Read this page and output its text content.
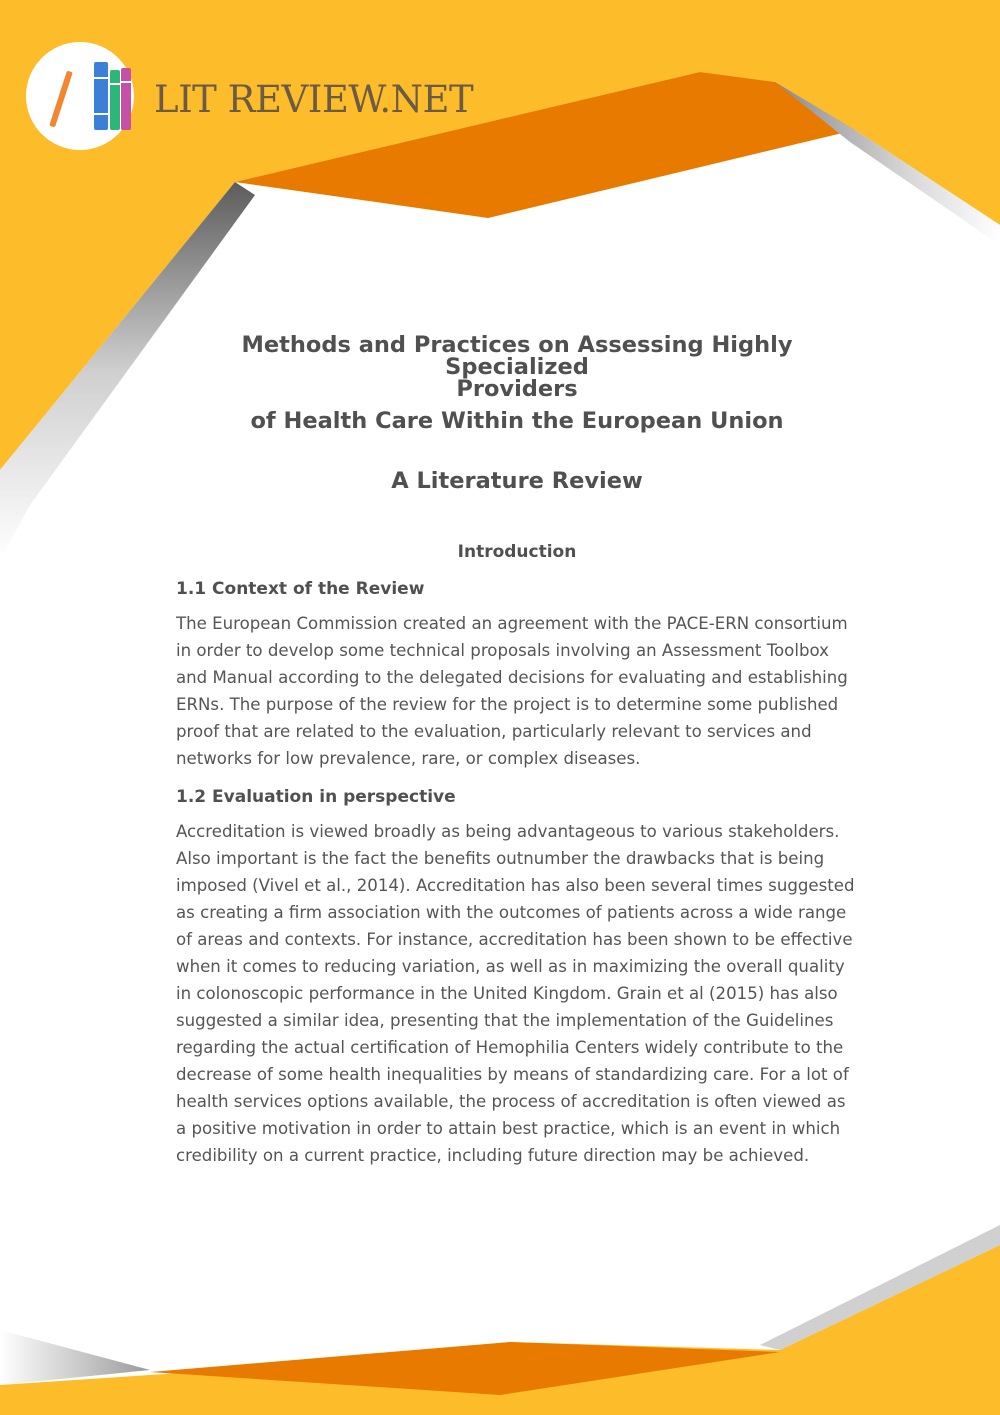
LIT REVIEW.NET
Methods and Practices on Assessing Highly Specialized
Providers
of Health Care Within the European Union
A Literature Review
Introduction
1.1 Context of the Review

The European Commission created an agreement with the PACE-ERN consortium in order to develop some technical proposals involving an Assessment Toolbox and Manual according to the delegated decisions for evaluating and establishing ERNs. The purpose of the review for the project is to determine some published proof that are related to the evaluation, particularly relevant to services and networks for low prevalence, rare, or complex diseases.

1.2 Evaluation in perspective

Accreditation is viewed broadly as being advantageous to various stakeholders. Also important is the fact the benefits outnumber the drawbacks that is being imposed (Vivel et al., 2014). Accreditation has also been several times suggested as creating a firm association with the outcomes of patients across a wide range of areas and contexts. For instance, accreditation has been shown to be effective when it comes to reducing variation, as well as in maximizing the overall quality in colonoscopic performance in the United Kingdom. Grain et al (2015) has also suggested a similar idea, presenting that the implementation of the Guidelines regarding the actual certification of Hemophilia Centers widely contribute to the decrease of some health inequalities by means of standardizing care. For a lot of health services options available, the process of accreditation is often viewed as a positive motivation in order to attain best practice, which is an event in which credibility on a current practice, including future direction may be achieved.
